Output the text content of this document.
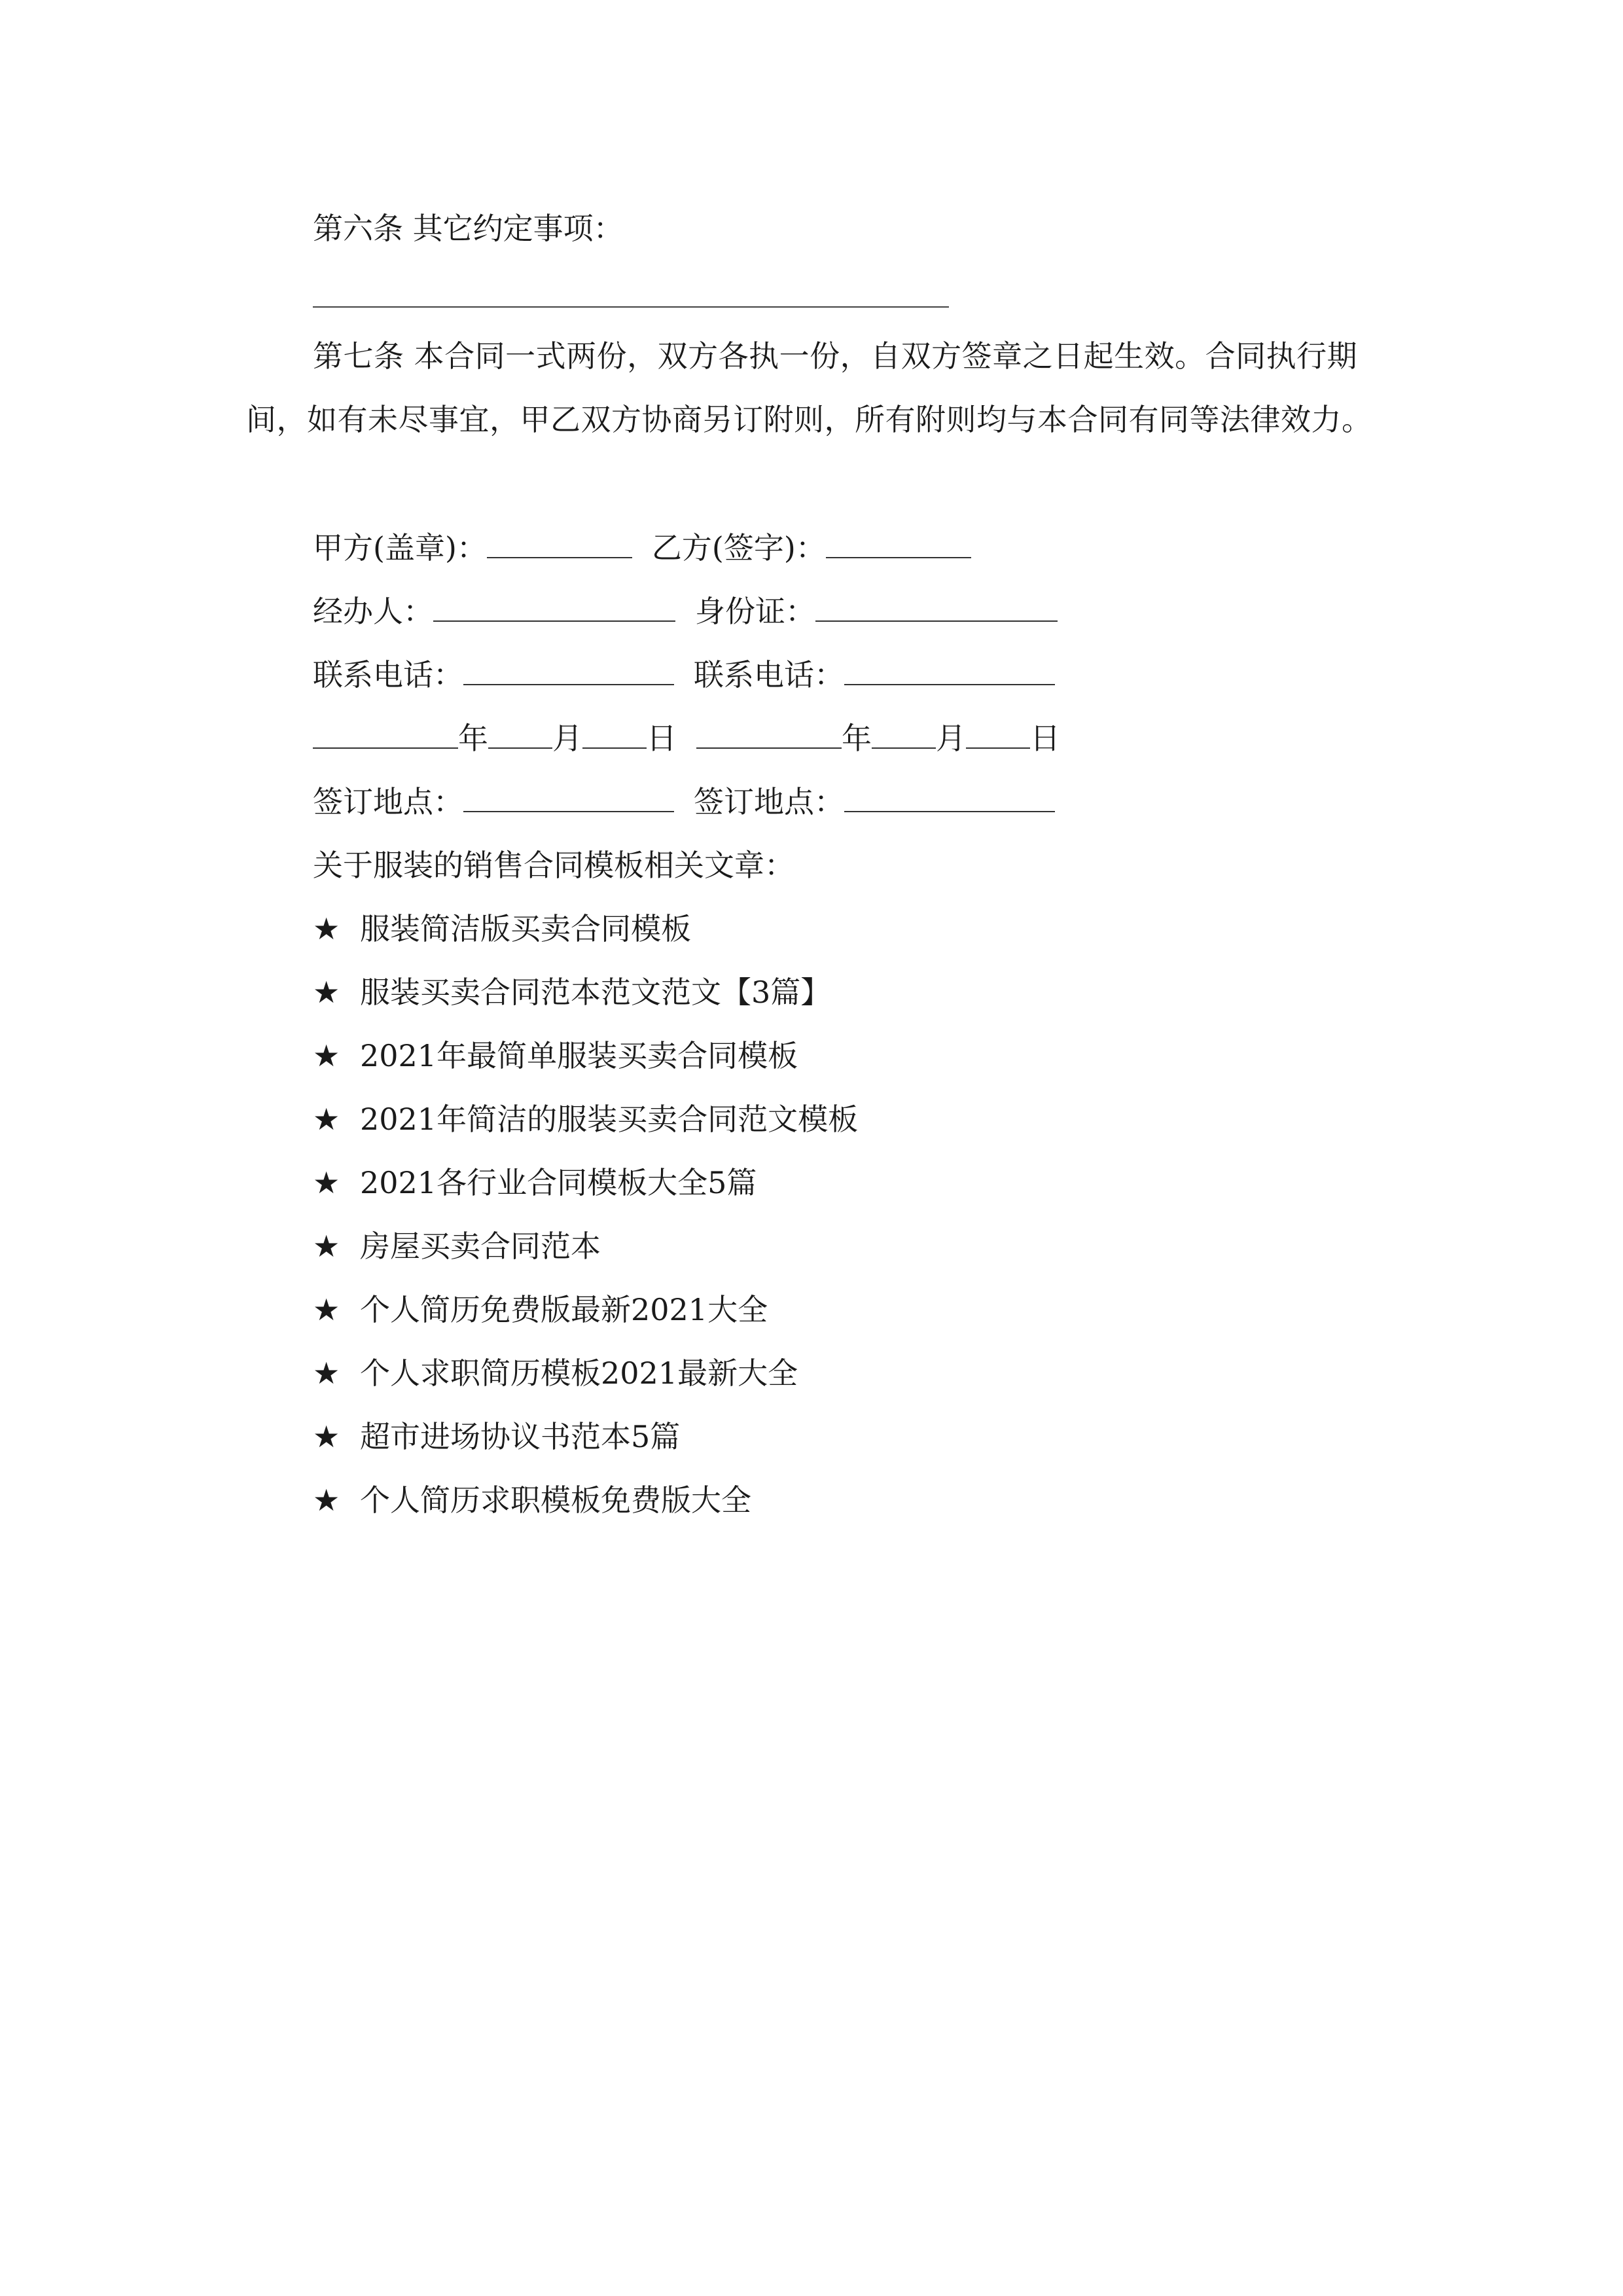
第六条 其它约定事项：
第七条 本合同一式两份，双方各执一份，自双方签章之日起生效。合同执行期间，如有未尽事宜，甲乙双方协商另订附则，所有附则均与本合同有同等法律效力。
甲方(盖章)：	乙方(签字)：
经办人：	身份证：
联系电话：	联系电话：
年 月 日	年 月 日
签订地点：	签订地点：
关于服装的销售合同模板相关文章：
★ 服装简洁版买卖合同模板
★ 服装买卖合同范本范文范文【3篇】
★ 2021年最简单服装买卖合同模板
★ 2021年简洁的服装买卖合同范文模板
★ 2021各行业合同模板大全5篇
★ 房屋买卖合同范本
★ 个人简历免费版最新2021大全
★ 个人求职简历模板2021最新大全
★ 超市进场协议书范本5篇
★ 个人简历求职模板免费版大全
